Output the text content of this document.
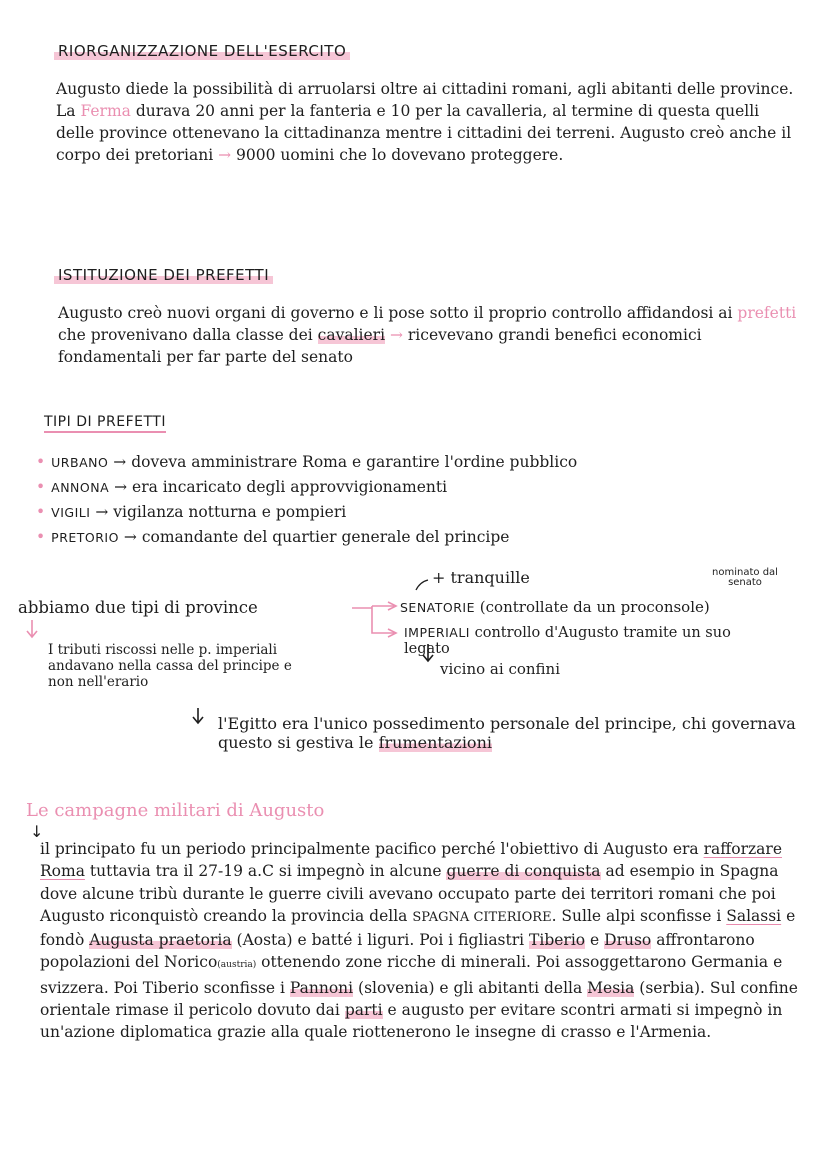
RIORGANIZZAZIONE DELL'ESERCITO

Augusto diede la possibilità di arruolarsi oltre ai cittadini romani, agli abitanti delle province. La Ferma durava 20 anni per la fanteria e 10 per la cavalleria, al termine di questa quelli delle province ottenevano la cittadinanza mentre i cittadini dei terreni. Augusto creò anche il corpo dei pretoriani → 9000 uomini che lo dovevano proteggere.

ISTITUZIONE DEI PREFETTI

Augusto creò nuovi organi di governo e li pose sotto il proprio controllo affidandosi ai prefetti che provenivano dalla classe dei cavalieri → ricevevano grandi benefici economici fondamentali per far parte del senato

TIPI DI PREFETTI
• URBANO → doveva amministrare Roma e garantire l'ordine pubblico
• ANNONA → era incaricato degli approvvigionamenti
• VIGILI → vigilanza notturna e pompieri
• PRETORIO → comandante del quartier generale del principe
+ tranquille	nominato dal senato
abbiamo due tipi di province	SENATORIE (controllate da un proconsole)
IMPERIALI controllo d'Augusto tramite un suo legato
vicino ai confini
I tributi riscossi nelle p. imperiali andavano nella cassa del principe e non nell'erario

l'Egitto era l'unico possedimento personale del principe, chi governava questo si gestiva le frumentazioni

Le campagne militari di Augusto
↓

il principato fu un periodo principalmente pacifico perché l'obiettivo di Augusto era rafforzare Roma tuttavia tra il 27-19 a.C si impegnò in alcune guerre di conquista ad esempio in Spagna dove alcune tribù durante le guerre civili avevano occupato parte dei territori romani che poi Augusto riconquistò creando la provincia della SPAGNA CITERIORE. Sulle alpi sconfisse i Salassi e fondò Augusta praetoria (Aosta) e batté i liguri. Poi i figliastri Tiberio e Druso affrontarono popolazioni del Norico(austria) ottenendo zone ricche di minerali. Poi assoggettarono Germania e svizzera. Poi Tiberio sconfisse i Pannoni (slovenia) e gli abitanti della Mesia (serbia). Sul confine orientale rimase il pericolo dovuto dai parti e augusto per evitare scontri armati si impegnò in un'azione diplomatica grazie alla quale riottenerono le insegne di crasso e l'Armenia.
